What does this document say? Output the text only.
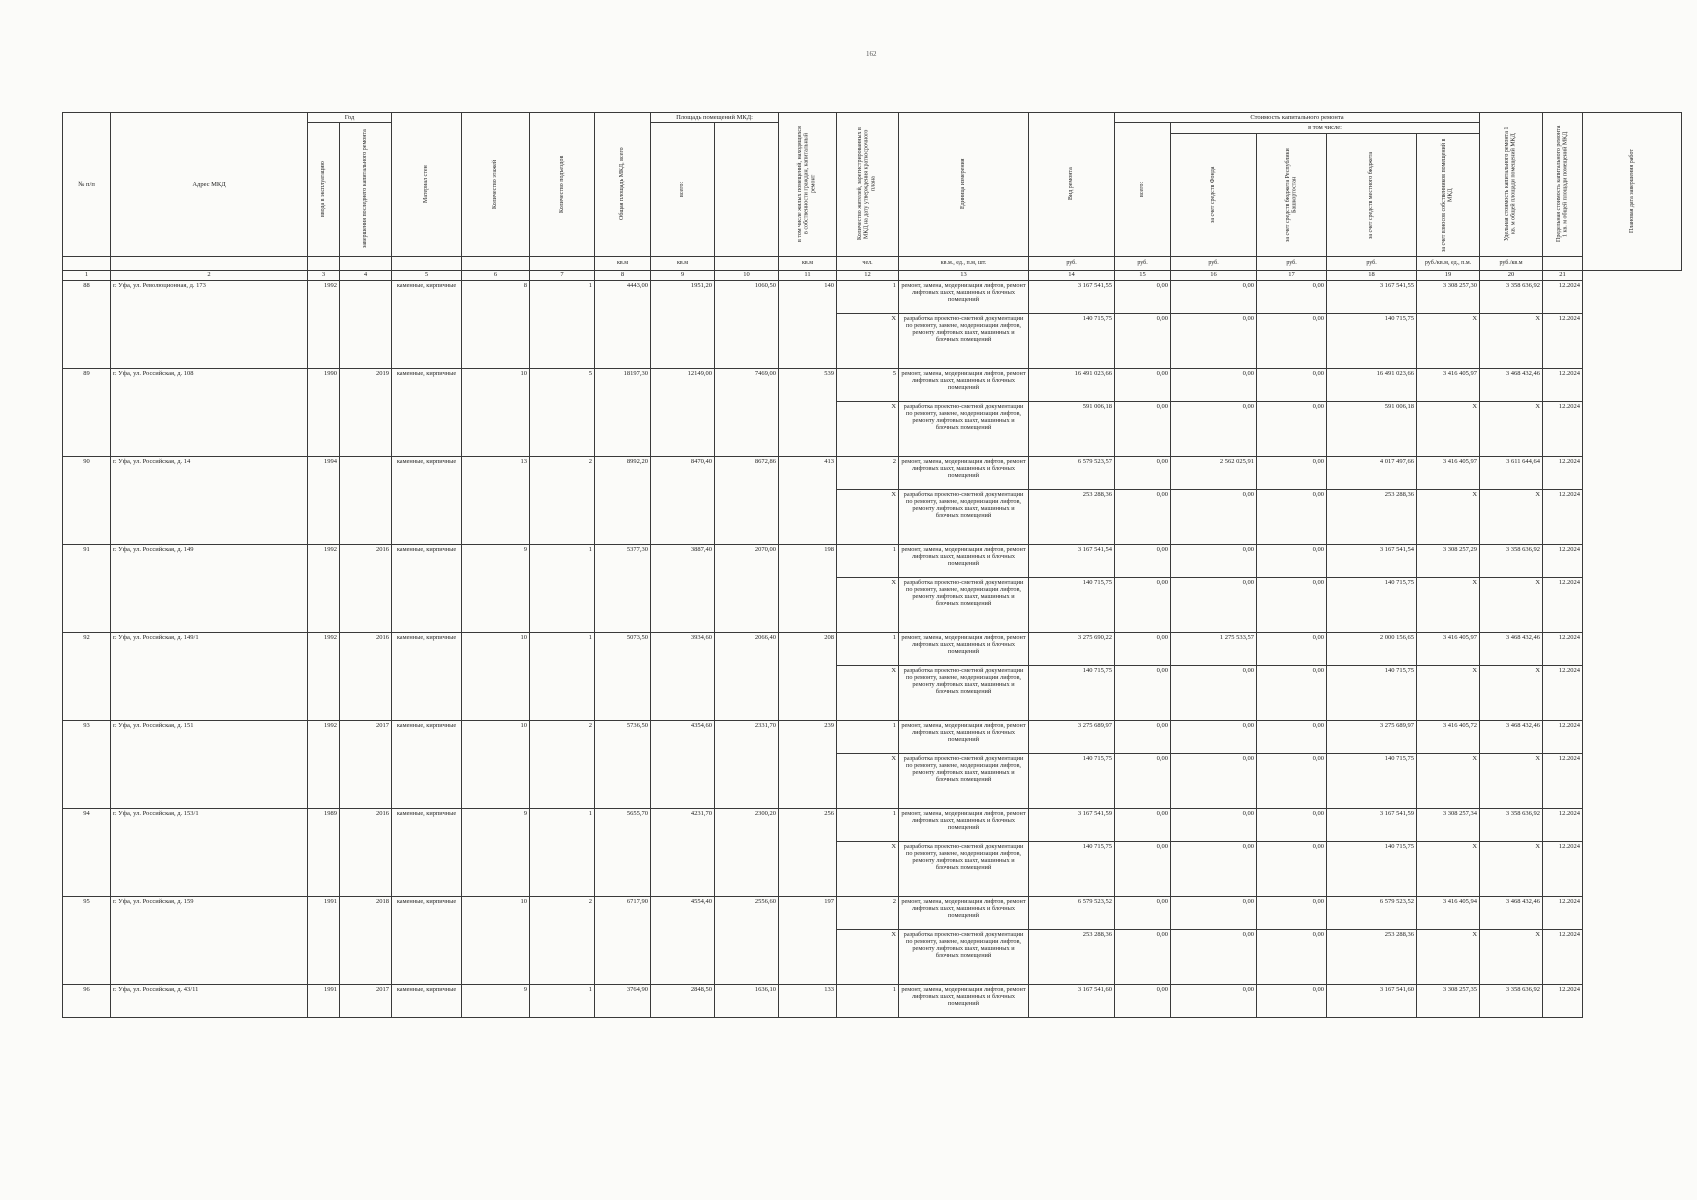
162
№ п/п	Адрес МКД	Год		Материал стен	Количество этажей	Количество подъездов	Общая площадь МКД, всего	Площадь помещений МКД:		в том числе жилых помещений, находящихся в собственности граждан, капитальный ремонт	Количество жителей, зарегистрированных в МКД на дату утверждения краткосрочного плана	Единица измерения	Вид ремонта	Стоимость капитального ремонта					Удельная стоимость капитального ремонта 1 кв. м общей площади помещений МКД	Предельная стоимость капитального ремонта 1 кв. м общей площади помещений МКД	Плановая дата завершения работ

		ввода в эксплуатацию	завершения последнего капитального ремонта					всего:						всего:	в том числе:						

															за счет средств Фонда	за счет средств бюджета Республики Башкортостан	за счет средств местного бюджета	за счет взносов собственников помещений в МКД			

							кв.м	кв.м		кв.м	чел.	кв.м., ед., п.м, шт.	руб.	руб.	руб.	руб.	руб.	руб./кв.м, ед., п.м.	руб./кв.м		
1	2	3	4	5	6	7	8	9	10	11	12	13	14	15	16	17	18	19	20	21	
88	г. Уфа, ул. Революционная, д. 173	1992		каменные, кирпичные	8	1	4443,00	1951,20	1060,50	140	1	ремонт, замена, модернизация лифтов, ремонт лифтовых шахт, машинных и блочных помещений	3 167 541,55	0,00	0,00	0,00	3 167 541,55	3 308 257,30	3 358 636,92	12.2024	
											Х	разработка проектно-сметной документации по ремонту, замене, модернизации лифтов, ремонту лифтовых шахт, машинных и блочных помещений	140 715,75	0,00	0,00	0,00	140 715,75	Х	Х	12.2024	
89	г. Уфа, ул. Российская, д. 108	1990	2019	каменные, кирпичные	10	5	18197,30	12149,00	7469,00	539	5	ремонт, замена, модернизация лифтов, ремонт лифтовых шахт, машинных и блочных помещений	16 491 023,66	0,00	0,00	0,00	16 491 023,66	3 416 405,97	3 468 432,46	12.2024	
											Х	разработка проектно-сметной документации по ремонту, замене, модернизации лифтов, ремонту лифтовых шахт, машинных и блочных помещений	591 006,18	0,00	0,00	0,00	591 006,18	Х	Х	12.2024	
90	г. Уфа, ул. Российская, д. 14	1994		каменные, кирпичные	13	2	8992,20	8470,40	8672,86	413	2	ремонт, замена, модернизация лифтов, ремонт лифтовых шахт, машинных и блочных помещений	6 579 523,57	0,00	2 562 025,91	0,00	4 017 497,66	3 416 405,97	3 611 644,64	12.2024	
											Х	разработка проектно-сметной документации по ремонту, замене, модернизации лифтов, ремонту лифтовых шахт, машинных и блочных помещений	253 288,36	0,00	0,00	0,00	253 288,36	Х	Х	12.2024	
91	г. Уфа, ул. Российская, д. 149	1992	2016	каменные, кирпичные	9	1	5377,30	3887,40	2070,00	198	1	ремонт, замена, модернизация лифтов, ремонт лифтовых шахт, машинных и блочных помещений	3 167 541,54	0,00	0,00	0,00	3 167 541,54	3 308 257,29	3 358 636,92	12.2024	
											Х	разработка проектно-сметной документации по ремонту, замене, модернизации лифтов, ремонту лифтовых шахт, машинных и блочных помещений	140 715,75	0,00	0,00	0,00	140 715,75	Х	Х	12.2024	
92	г. Уфа, ул. Российская, д. 149/1	1992	2016	каменные, кирпичные	10	1	5073,50	3934,60	2066,40	208	1	ремонт, замена, модернизация лифтов, ремонт лифтовых шахт, машинных и блочных помещений	3 275 690,22	0,00	1 275 533,57	0,00	2 000 156,65	3 416 405,97	3 468 432,46	12.2024	
											Х	разработка проектно-сметной документации по ремонту, замене, модернизации лифтов, ремонту лифтовых шахт, машинных и блочных помещений	140 715,75	0,00	0,00	0,00	140 715,75	Х	Х	12.2024	
93	г. Уфа, ул. Российская, д. 151	1992	2017	каменные, кирпичные	10	2	5736,50	4354,60	2331,70	239	1	ремонт, замена, модернизация лифтов, ремонт лифтовых шахт, машинных и блочных помещений	3 275 689,97	0,00	0,00	0,00	3 275 689,97	3 416 405,72	3 468 432,46	12.2024	
											Х	разработка проектно-сметной документации по ремонту, замене, модернизации лифтов, ремонту лифтовых шахт, машинных и блочных помещений	140 715,75	0,00	0,00	0,00	140 715,75	Х	Х	12.2024	
94	г. Уфа, ул. Российская, д. 153/1	1989	2016	каменные, кирпичные	9	1	5655,70	4231,70	2300,20	256	1	ремонт, замена, модернизация лифтов, ремонт лифтовых шахт, машинных и блочных помещений	3 167 541,59	0,00	0,00	0,00	3 167 541,59	3 308 257,34	3 358 636,92	12.2024	
											Х	разработка проектно-сметной документации по ремонту, замене, модернизации лифтов, ремонту лифтовых шахт, машинных и блочных помещений	140 715,75	0,00	0,00	0,00	140 715,75	Х	Х	12.2024	
95	г. Уфа, ул. Российская, д. 159	1991	2018	каменные, кирпичные	10	2	6717,90	4554,40	2556,60	197	2	ремонт, замена, модернизация лифтов, ремонт лифтовых шахт, машинных и блочных помещений	6 579 523,52	0,00	0,00	0,00	6 579 523,52	3 416 405,94	3 468 432,46	12.2024	
											Х	разработка проектно-сметной документации по ремонту, замене, модернизации лифтов, ремонту лифтовых шахт, машинных и блочных помещений	253 288,36	0,00	0,00	0,00	253 288,36	Х	Х	12.2024	
96	г. Уфа, ул. Российская, д. 43/11	1991	2017	каменные, кирпичные	9	1	3764,90	2848,50	1636,10	133	1	ремонт, замена, модернизация лифтов, ремонт лифтовых шахт, машинных и блочных помещений	3 167 541,60	0,00	0,00	0,00	3 167 541,60	3 308 257,35	3 358 636,92	12.2024	
